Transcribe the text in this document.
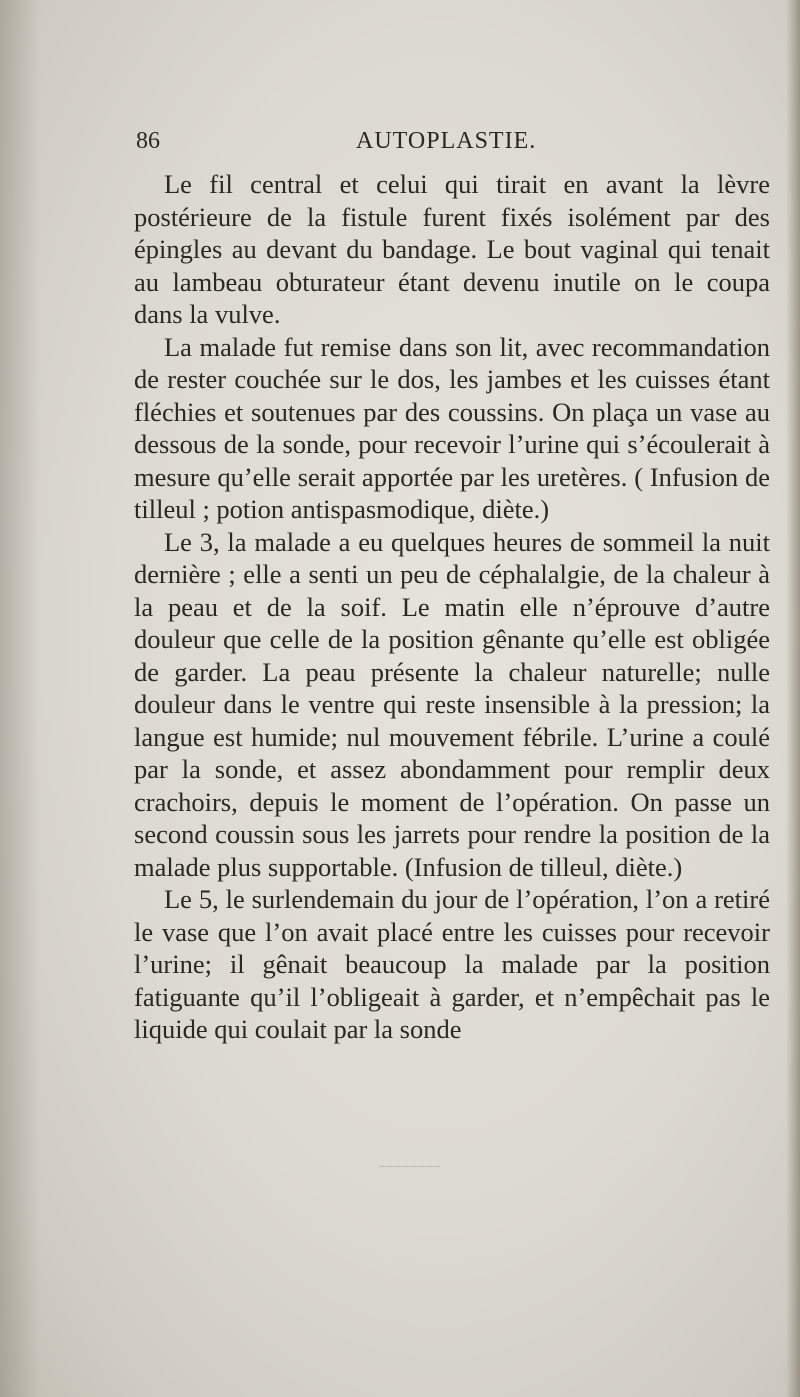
86	AUTOPLASTIE.

Le fil central et celui qui tirait en avant la lèvre postérieure de la fistule furent fixés isolément par des épingles au devant du bandage. Le bout vaginal qui tenait au lambeau obturateur étant devenu inutile on le coupa dans la vulve.

La malade fut remise dans son lit, avec recommandation de rester couchée sur le dos, les jambes et les cuisses étant fléchies et soutenues par des coussins. On plaça un vase au dessous de la sonde, pour recevoir l’urine qui s’écoulerait à mesure qu’elle serait apportée par les uretères. ( Infusion de tilleul ; potion antispasmodique, diète.)

Le 3, la malade a eu quelques heures de sommeil la nuit dernière ; elle a senti un peu de céphalalgie, de la chaleur à la peau et de la soif. Le matin elle n’éprouve d’autre douleur que celle de la position gênante qu’elle est obligée de garder. La peau présente la chaleur naturelle; nulle douleur dans le ventre qui reste insensible à la pression; la langue est humide; nul mouvement fébrile. L’urine a coulé par la sonde, et assez abondamment pour remplir deux crachoirs, depuis le moment de l’opération. On passe un second coussin sous les jarrets pour rendre la position de la malade plus supportable. (Infusion de tilleul, diète.)

Le 5, le surlendemain du jour de l’opération, l’on a retiré le vase que l’on avait placé entre les cuisses pour recevoir l’urine; il gênait beaucoup la malade par la position fatiguante qu’il l’obligeait à garder, et n’empêchait pas le liquide qui coulait par la sonde
